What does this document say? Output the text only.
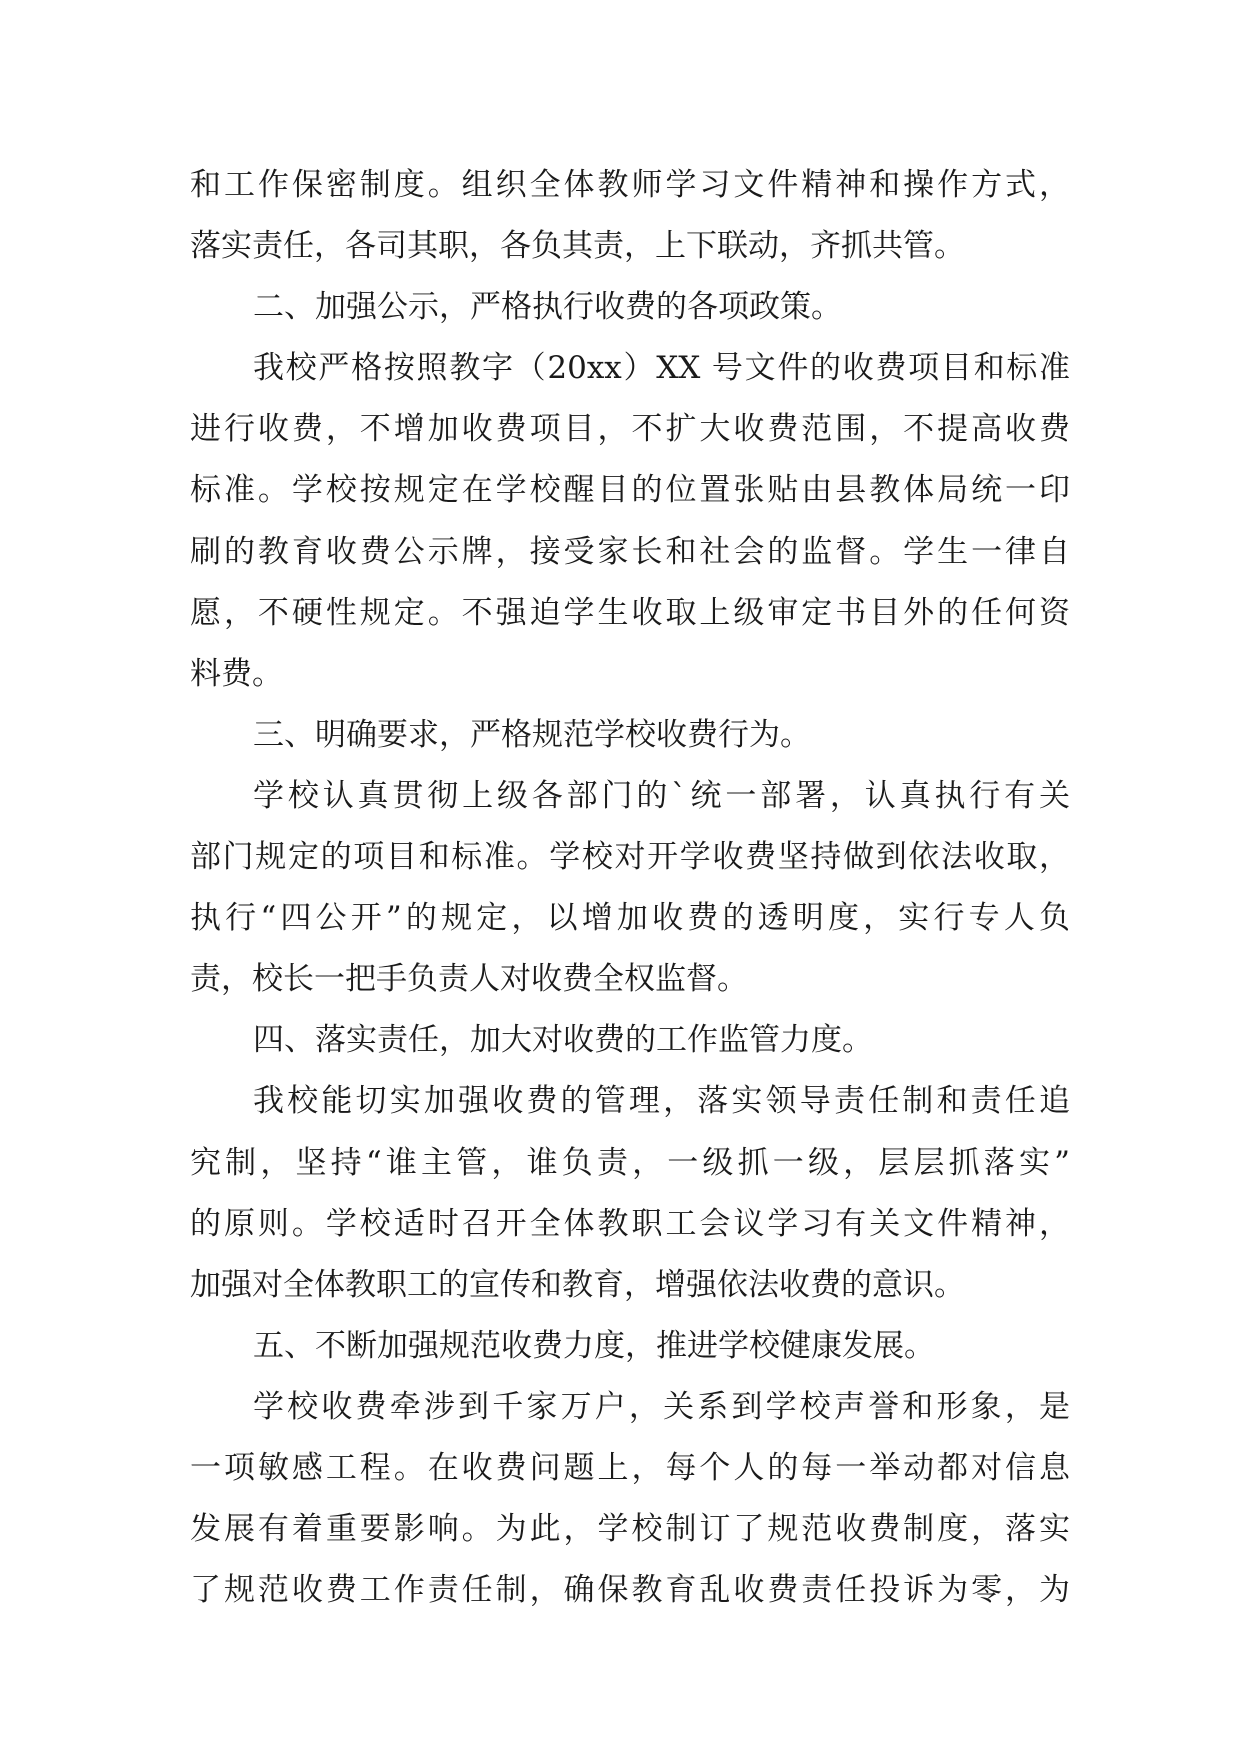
和工作保密制度。组织全体教师学习文件精神和操作方式，
落实责任，各司其职，各负其责，上下联动，齐抓共管。
二、加强公示，严格执行收费的各项政策。
我校严格按照教字（20xx）XX 号文件的收费项目和标准
进行收费，不增加收费项目，不扩大收费范围，不提高收费
标准。学校按规定在学校醒目的位置张贴由县教体局统一印
刷的教育收费公示牌，接受家长和社会的监督。学生一律自
愿，不硬性规定。不强迫学生收取上级审定书目外的任何资
料费。
三、明确要求，严格规范学校收费行为。
学校认真贯彻上级各部门的`统一部署，认真执行有关
部门规定的项目和标准。学校对开学收费坚持做到依法收取，
执行“四公开”的规定，以增加收费的透明度，实行专人负
责，校长一把手负责人对收费全权监督。
四、落实责任，加大对收费的工作监管力度。
我校能切实加强收费的管理，落实领导责任制和责任追
究制，坚持“谁主管，谁负责，一级抓一级，层层抓落实”
的原则。学校适时召开全体教职工会议学习有关文件精神，
加强对全体教职工的宣传和教育，增强依法收费的意识。
五、不断加强规范收费力度，推进学校健康发展。
学校收费牵涉到千家万户，关系到学校声誉和形象，是
一项敏感工程。在收费问题上，每个人的每一举动都对信息
发展有着重要影响。为此，学校制订了规范收费制度，落实
了规范收费工作责任制，确保教育乱收费责任投诉为零，为
